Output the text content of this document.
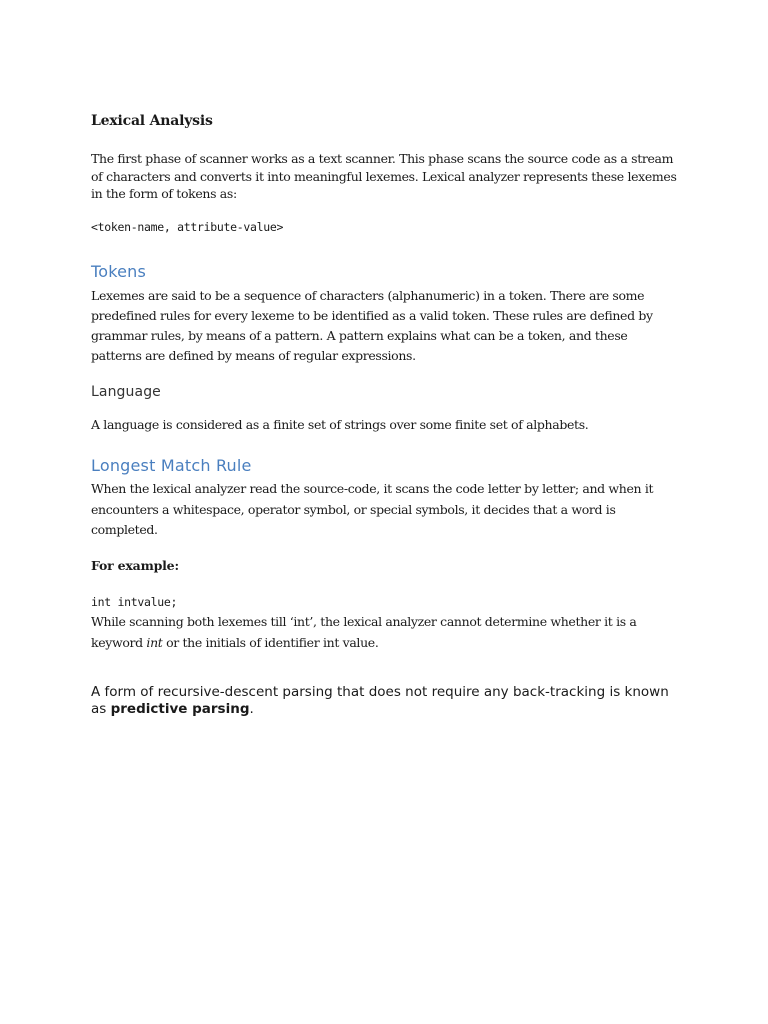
Lexical Analysis

The first phase of scanner works as a text scanner. This phase scans the source code as a stream of characters and converts it into meaningful lexemes. Lexical analyzer represents these lexemes in the form of tokens as:

<token-name, attribute-value>
Tokens

Lexemes are said to be a sequence of characters (alphanumeric) in a token. There are some predefined rules for every lexeme to be identified as a valid token. These rules are defined by grammar rules, by means of a pattern. A pattern explains what can be a token, and these patterns are defined by means of regular expressions.

Language

A language is considered as a finite set of strings over some finite set of alphabets.

Longest Match Rule

When the lexical analyzer read the source-code, it scans the code letter by letter; and when it encounters a whitespace, operator symbol, or special symbols, it decides that a word is completed.

For example:
int intvalue;

While scanning both lexemes till ‘int’, the lexical analyzer cannot determine whether it is a keyword int or the initials of identifier int value.

A form of recursive-descent parsing that does not require any back-tracking is known as predictive parsing.
